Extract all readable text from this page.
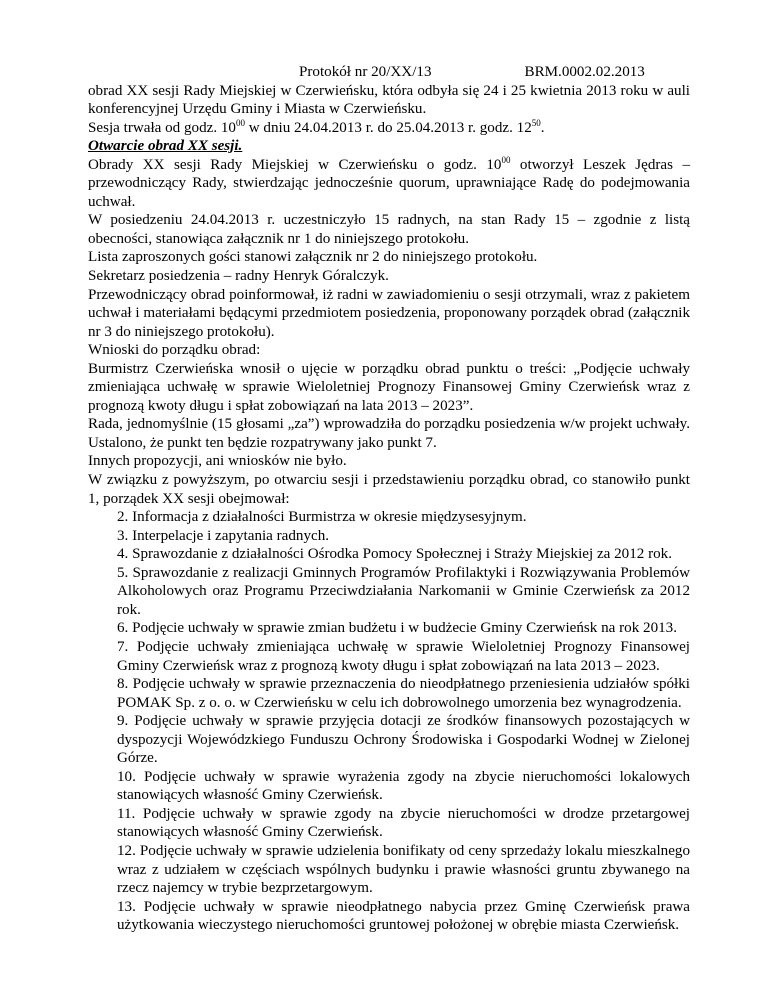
Protokół nr 20/XX/13	BRM.0002.02.2013

obrad XX sesji Rady Miejskiej w Czerwieńsku, która odbyła się 24 i 25 kwietnia 2013 roku w auli konferencyjnej Urzędu Gminy i Miasta w Czerwieńsku.

Sesja trwała od godz. $10^{00}$ w dniu 24.04.2013 r. do 25.04.2013 r. godz. $12^{50}$.

Otwarcie obrad XX sesji.

Obrady XX sesji Rady Miejskiej w Czerwieńsku o godz. $10^{00}$ otworzył Leszek Jędras – przewodniczący Rady, stwierdzając jednocześnie quorum, uprawniające Radę do podejmowania uchwał.

W posiedzeniu 24.04.2013 r. uczestniczyło 15 radnych, na stan Rady 15 – zgodnie z listą obecności, stanowiąca załącznik nr 1 do niniejszego protokołu.

Lista zaproszonych gości stanowi załącznik nr 2 do niniejszego protokołu.

Sekretarz posiedzenia – radny Henryk Góralczyk.

Przewodniczący obrad poinformował, iż radni w zawiadomieniu o sesji otrzymali, wraz z pakietem uchwał i materiałami będącymi przedmiotem posiedzenia, proponowany porządek obrad (załącznik nr 3 do niniejszego protokołu).

Wnioski do porządku obrad:

Burmistrz Czerwieńska wnosił o ujęcie w porządku obrad punktu o treści: „Podjęcie uchwały zmieniająca uchwałę w sprawie Wieloletniej Prognozy Finansowej Gminy Czerwieńsk wraz z prognozą kwoty długu i spłat zobowiązań na lata 2013 – 2023”.

Rada, jednomyślnie (15 głosami „za”) wprowadziła do porządku posiedzenia w/w projekt uchwały. Ustalono, że punkt ten będzie rozpatrywany jako punkt 7.

Innych propozycji, ani wniosków nie było.

W związku z powyższym, po otwarciu sesji i przedstawieniu porządku obrad, co stanowiło punkt 1, porządek XX sesji obejmował:

2. Informacja z działalności Burmistrza w okresie międzysesyjnym.
3. Interpelacje i zapytania radnych.
4. Sprawozdanie z działalności Ośrodka Pomocy Społecznej i Straży Miejskiej za 2012 rok.
5. Sprawozdanie z realizacji Gminnych Programów Profilaktyki i Rozwiązywania Problemów Alkoholowych oraz Programu Przeciwdziałania Narkomanii w Gminie Czerwieńsk za 2012 rok.
6. Podjęcie uchwały w sprawie zmian budżetu i w budżecie Gminy Czerwieńsk na rok 2013.
7. Podjęcie uchwały zmieniająca uchwałę w sprawie Wieloletniej Prognozy Finansowej Gminy Czerwieńsk wraz z prognozą kwoty długu i spłat zobowiązań na lata 2013 – 2023.
8. Podjęcie uchwały w sprawie przeznaczenia do nieodpłatnego przeniesienia udziałów spółki POMAK Sp. z o. o. w Czerwieńsku w celu ich dobrowolnego umorzenia bez wynagrodzenia.
9. Podjęcie uchwały w sprawie przyjęcia dotacji ze środków finansowych pozostających w dyspozycji Wojewódzkiego Funduszu Ochrony Środowiska i Gospodarki Wodnej w Zielonej Górze.
10. Podjęcie uchwały w sprawie wyrażenia zgody na zbycie nieruchomości lokalowych stanowiących własność Gminy Czerwieńsk.
11. Podjęcie uchwały w sprawie zgody na zbycie nieruchomości w drodze przetargowej stanowiących własność Gminy Czerwieńsk.
12. Podjęcie uchwały w sprawie udzielenia bonifikaty od ceny sprzedaży lokalu mieszkalnego wraz z udziałem w częściach wspólnych budynku i prawie własności gruntu zbywanego na rzecz najemcy w trybie bezprzetargowym.
13. Podjęcie uchwały w sprawie nieodpłatnego nabycia przez Gminę Czerwieńsk prawa użytkowania wieczystego nieruchomości gruntowej położonej w obrębie miasta Czerwieńsk.
